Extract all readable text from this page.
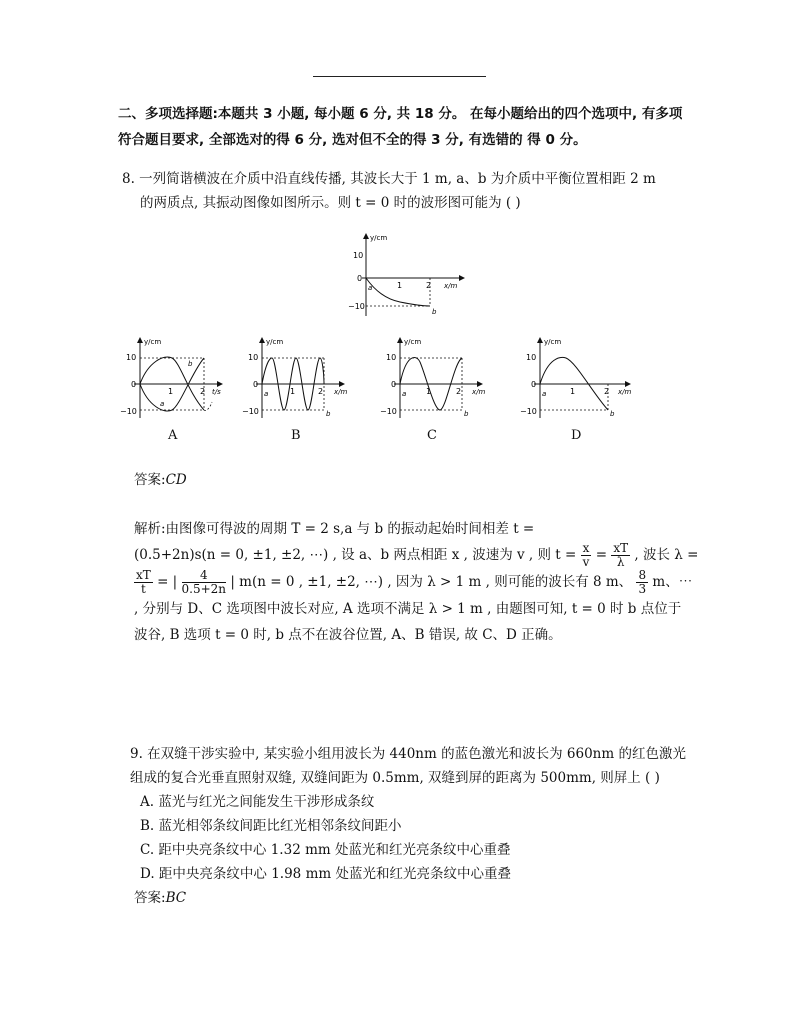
二、多项选择题:本题共 3 小题, 每小题 6 分, 共 18 分。 在每小题给出的四个选项中, 有多项
符合题目要求, 全部选对的得 6 分, 选对但不全的得 3 分, 有选错的 得 0 分。
8. 一列简谐横波在介质中沿直线传播, 其波长大于 1 m, a、b 为介质中平衡位置相距 2 m
的两质点, 其振动图像如图所示。则 t = 0 时的波形图可能为 ( )
y/cm
x/m
10
0
−10
1	2
a
b
y/cm
t/s
10
0
−10
1	2
a
b
y/cm
x/m
10
0
−10
1	2
a
b
y/cm
x/m
10
0
−10
1	2
a
b
y/cm
x/m
10
0
−10
1	2
a
b
A	B	C	D
答案:CD
解析:由图像可得波的周期 T = 2 s,a 与 b 的振动起始时间相差 t =
(0.5+2n)s(n = 0, ±1, ±2, ⋯) , 设 a、b 两点相距 x , 波速为 v , 则 $t = \frac{x}{v} = \frac{xT}{\lambda}$ , 波长 λ =
$\frac{xT}{t}$ = | $\frac{4}{0.5+2n}$ | m(n = 0 , ±1, ±2, ⋯) , 因为 λ > 1 m , 则可能的波长有 8 m、 $\frac{8}{3}$ m、⋯
, 分别与 D、C 选项图中波长对应, A 选项不满足 λ > 1 m , 由题图可知, t = 0 时 b 点位于
波谷, B 选项 t = 0 时, b 点不在波谷位置, A、B 错误, 故 C、D 正确。
9. 在双缝干涉实验中, 某实验小组用波长为 440nm 的蓝色激光和波长为 660nm 的红色激光
组成的复合光垂直照射双缝, 双缝间距为 0.5mm, 双缝到屏的距离为 500mm, 则屏上 ( )
A. 蓝光与红光之间能发生干涉形成条纹
B. 蓝光相邻条纹间距比红光相邻条纹间距小
C. 距中央亮条纹中心 1.32 mm 处蓝光和红光亮条纹中心重叠
D. 距中央亮条纹中心 1.98 mm 处蓝光和红光亮条纹中心重叠
答案:BC
